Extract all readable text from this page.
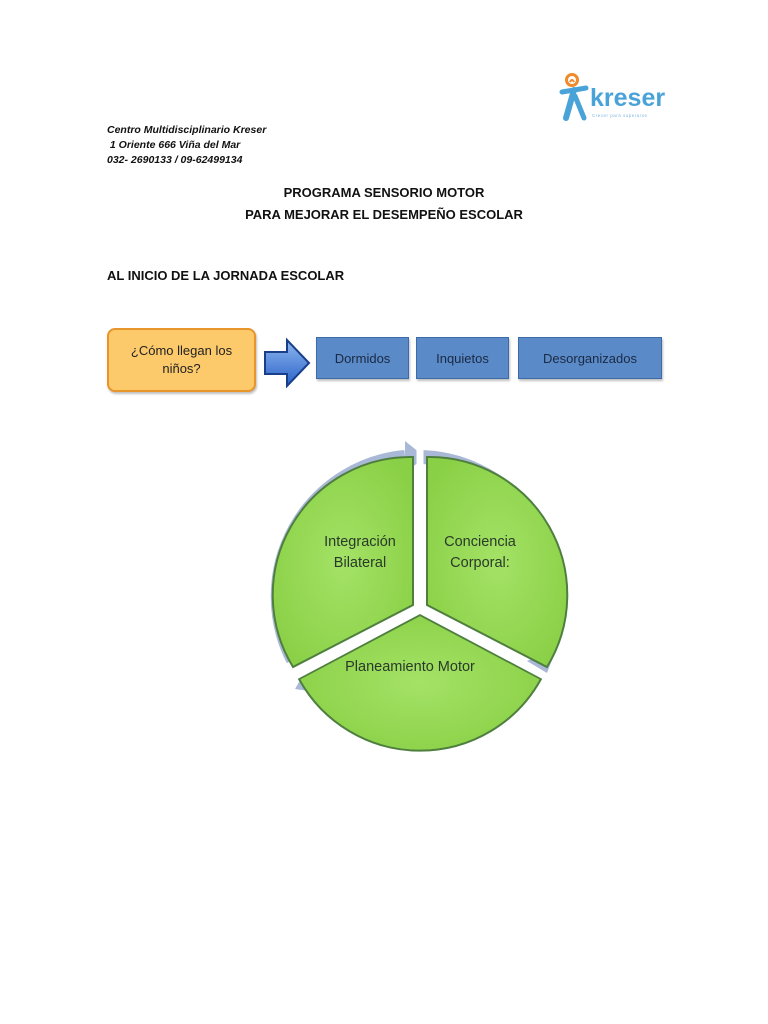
Centro Multidisciplinario Kreser
1 Oriente 666 Viña del Mar
032- 2690133 / 09-62499134
kreser
Crecer para superarse
PROGRAMA SENSORIO MOTOR
PARA MEJORAR EL DESEMPEÑO ESCOLAR
AL INICIO DE LA JORNADA ESCOLAR
¿Cómo llegan los niños?
Dormidos	Inquietos	Desorganizados
Integración Bilateral
Conciencia Corporal:
Planeamiento Motor
